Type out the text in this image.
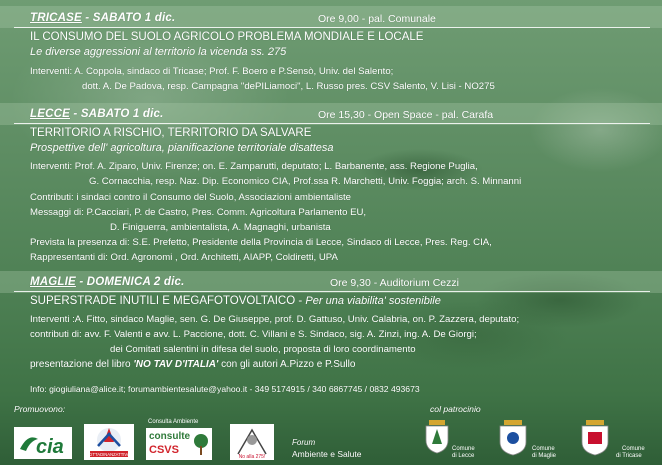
TRICASE - SABATO 1 dic.	Ore 9,00 - pal. Comunale
IL CONSUMO DEL SUOLO AGRICOLO PROBLEMA MONDIALE E LOCALE
Le diverse aggressioni al territorio la vicenda ss. 275
Interventi: A. Coppola, sindaco di Tricase; Prof. F. Boero e P.Sensò, Univ. del Salento;
dott. A. De Padova, resp. Campagna "dePILiamoci", L. Russo pres. CSV Salento, V. Lisi - NO275
LECCE - SABATO 1 dic.	Ore 15,30 - Open Space - pal. Carafa
TERRITORIO A RISCHIO, TERRITORIO DA SALVARE
Prospettive dell' agricoltura, pianificazione territoriale disattesa
Interventi: Prof. A. Ziparo, Univ. Firenze; on. E. Zamparutti, deputato; L. Barbanente, ass. Regione Puglia,
G. Cornacchia, resp. Naz. Dip. Economico CIA, Prof.ssa R. Marchetti, Univ. Foggia; arch. S. Minnanni
Contributi: i sindaci contro il Consumo del Suolo, Associazioni ambientaliste
Messaggi di: P.Cacciari, P. de Castro, Pres. Comm. Agricoltura Parlamento EU,
D. Finiguerra, ambientalista, A. Magnaghi, urbanista
Prevista la presenza di: S.E. Prefetto, Presidente della Provincia di Lecce, Sindaco di Lecce, Pres. Reg. CIA,
Rappresentanti di: Ord. Agronomi , Ord. Architetti, AIAPP, Coldiretti, UPA
MAGLIE - DOMENICA 2 dic.	Ore 9,30 - Auditorium Cezzi
SUPERSTRADE INUTILI E MEGAFOTOVOLTAICO - Per una viabilita' sostenibile
Interventi :A. Fitto, sindaco Maglie, sen. G. De Giuseppe, prof. D. Gattuso, Univ. Calabria, on. P. Zazzera, deputato;
contributi di: avv. F. Valenti e avv. L. Paccione, dott. C. Villani e S. Sindaco, sig. A. Zinzi, ing. A. De Giorgi;
dei Comitati salentini in difesa del suolo, proposta di loro coordinamento
presentazione del libro 'NO TAV D'ITALIA' con gli autori A.Pizzo e P.Sullo
Info: giogiuliana@alice.it; forumambientesalute@yahoo.it - 349 5174915 / 340 6867745 / 0832 493673
Promuovono:	col patrocinio
cia	CITTADINANZATTIVA
Consulta Ambiente
consulte
CSVS
No alla 275!
Forum
Ambiente e Salute	Comune
di Lecce
Comune
di Maglie
Comune
di Tricase
